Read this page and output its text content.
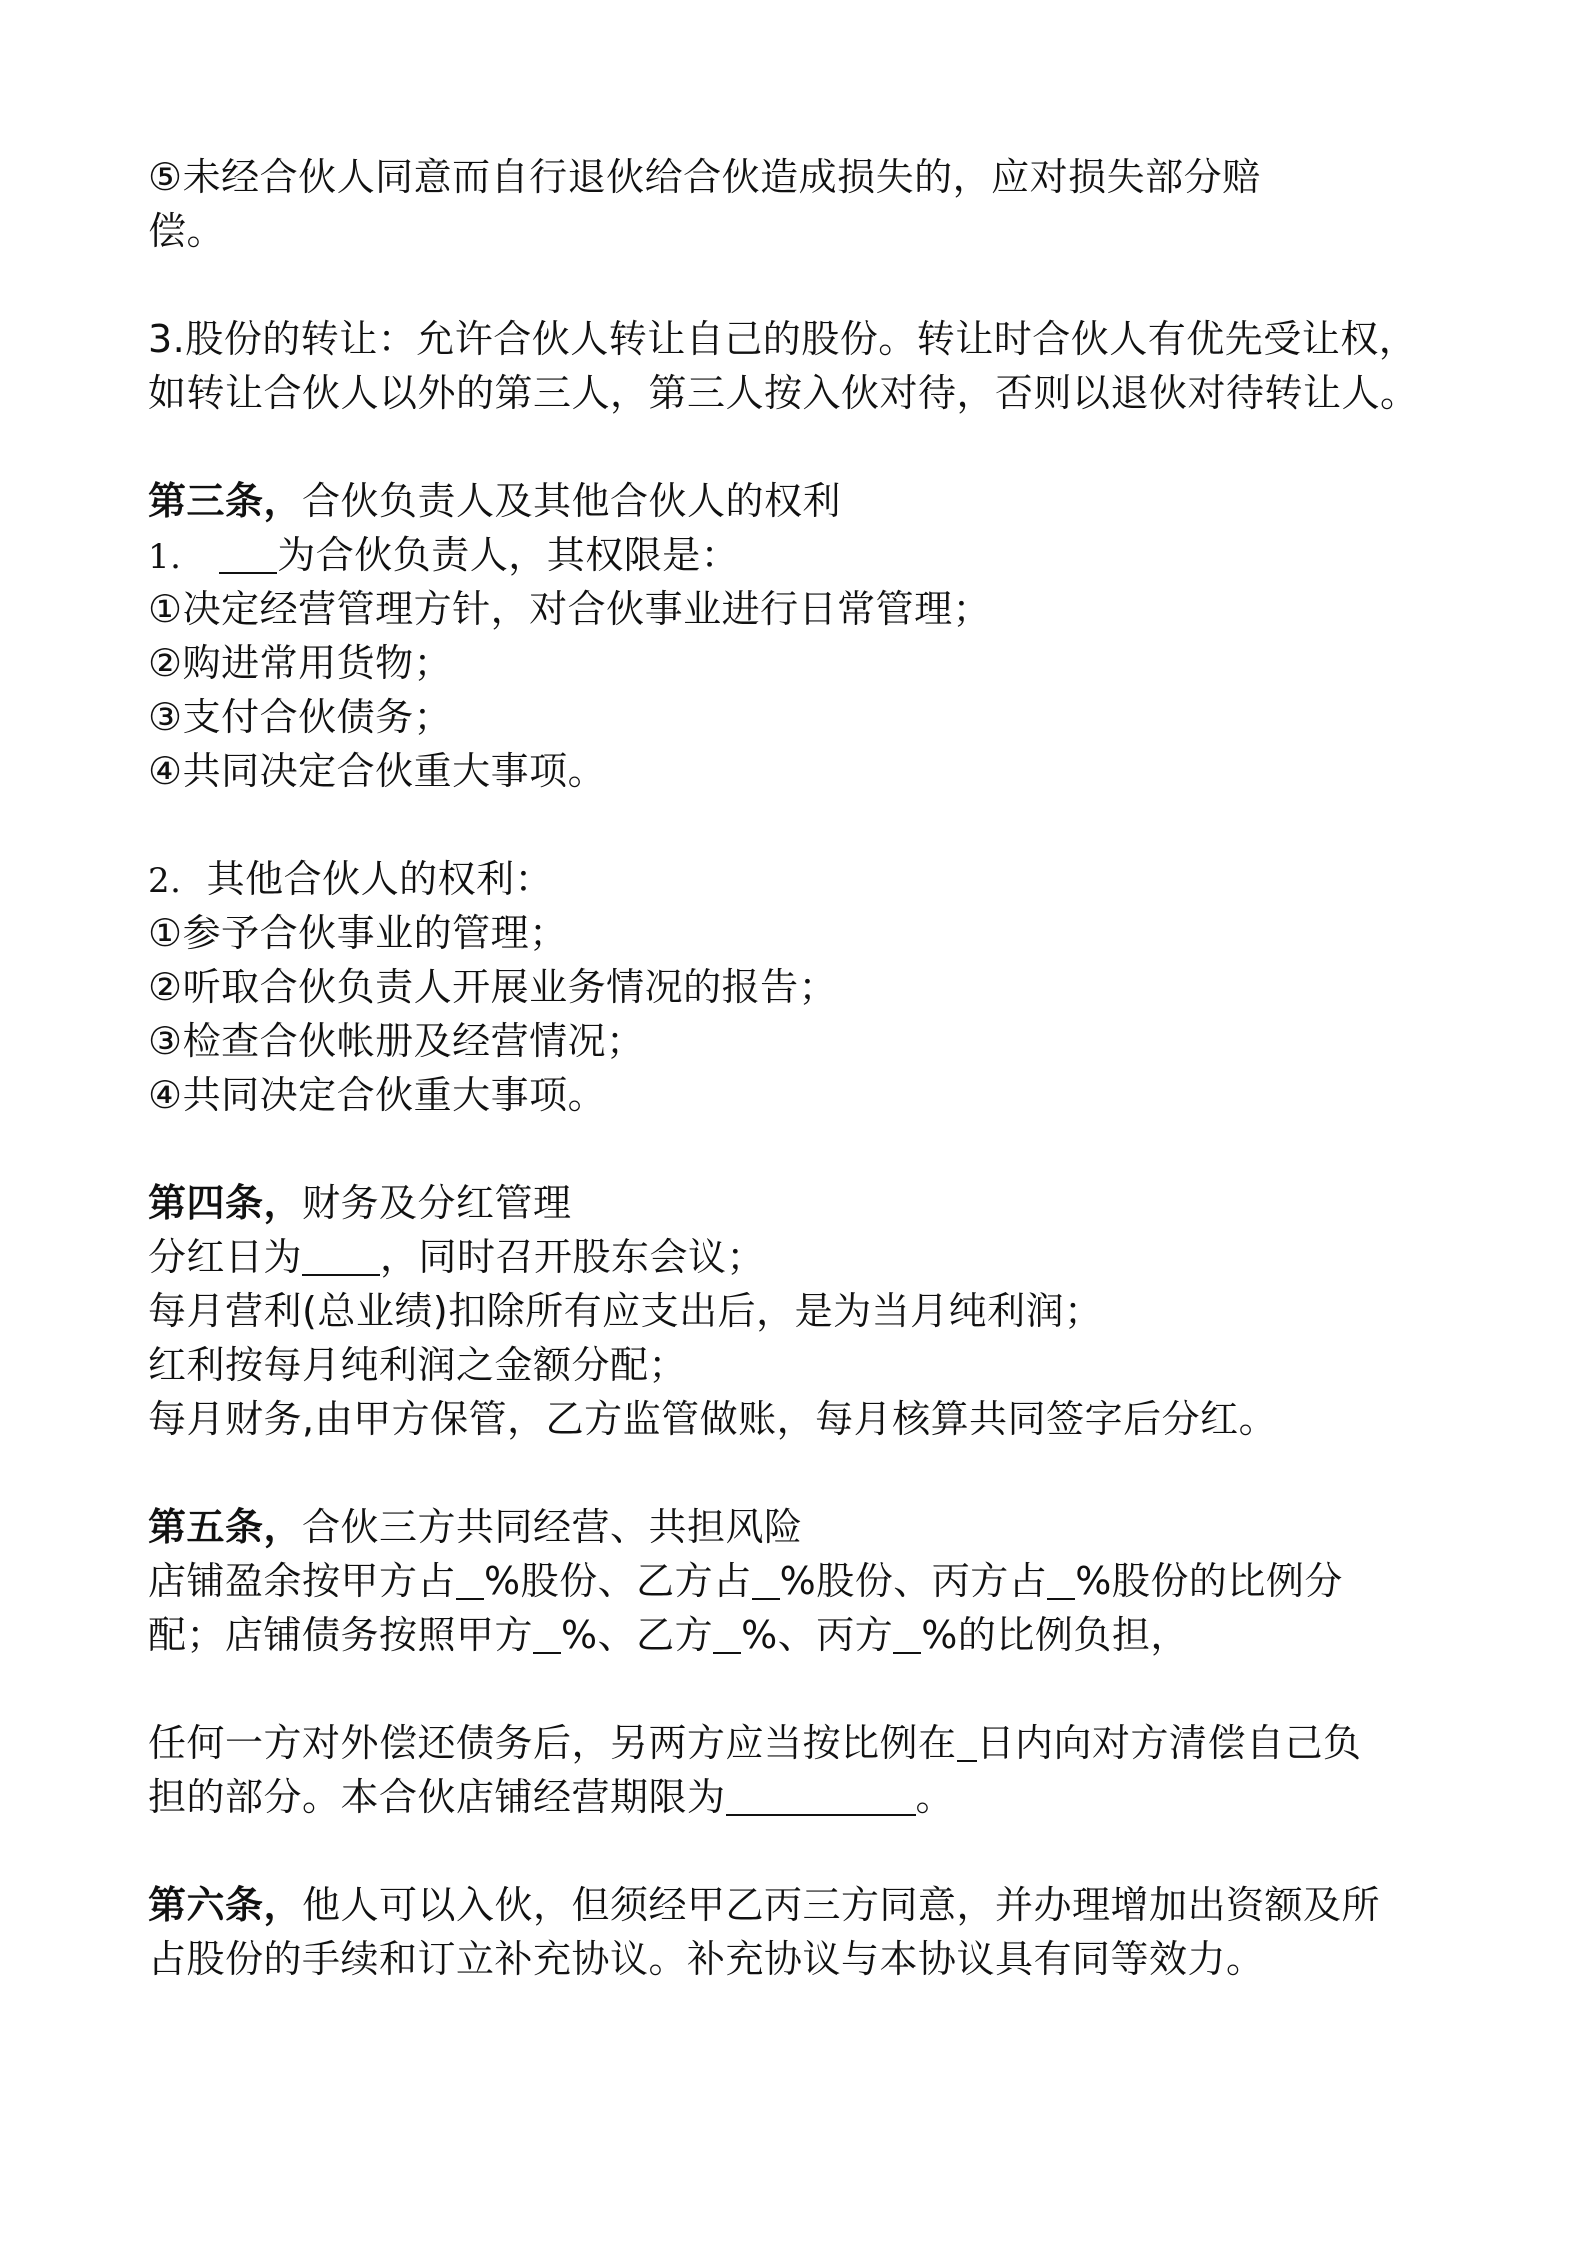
⑤未经合伙人同意而自行退伙给合伙造成损失的，应对损失部分赔
偿。
3.股份的转让：允许合伙人转让自己的股份。转让时合伙人有优先受让权，
如转让合伙人以外的第三人，第三人按入伙对待，否则以退伙对待转让人。
第三条，合伙负责人及其他合伙人的权利
1.	为合伙负责人，其权限是：
①决定经营管理方针，对合伙事业进行日常管理；
②购进常用货物；
③支付合伙债务；
④共同决定合伙重大事项。
2. 其他合伙人的权利：
①参予合伙事业的管理；
②听取合伙负责人开展业务情况的报告；
③检查合伙帐册及经营情况；
④共同决定合伙重大事项。
第四条，财务及分红管理
分红日为 ，同时召开股东会议；
每月营利(总业绩)扣除所有应支出后，是为当月纯利润；
红利按每月纯利润之金额分配；
每月财务,由甲方保管，乙方监管做账，每月核算共同签字后分红。
第五条，合伙三方共同经营、共担风险
店铺盈余按甲方占 %股份、乙方占 %股份、丙方占 %股份的比例分
配；店铺债务按照甲方 %、乙方 %、丙方 %的比例负担，
任何一方对外偿还债务后，另两方应当按比例在 日内向对方清偿自己负
担的部分。本合伙店铺经营期限为	。
第六条，他人可以入伙，但须经甲乙丙三方同意，并办理增加出资额及所
占股份的手续和订立补充协议。补充协议与本协议具有同等效力。
